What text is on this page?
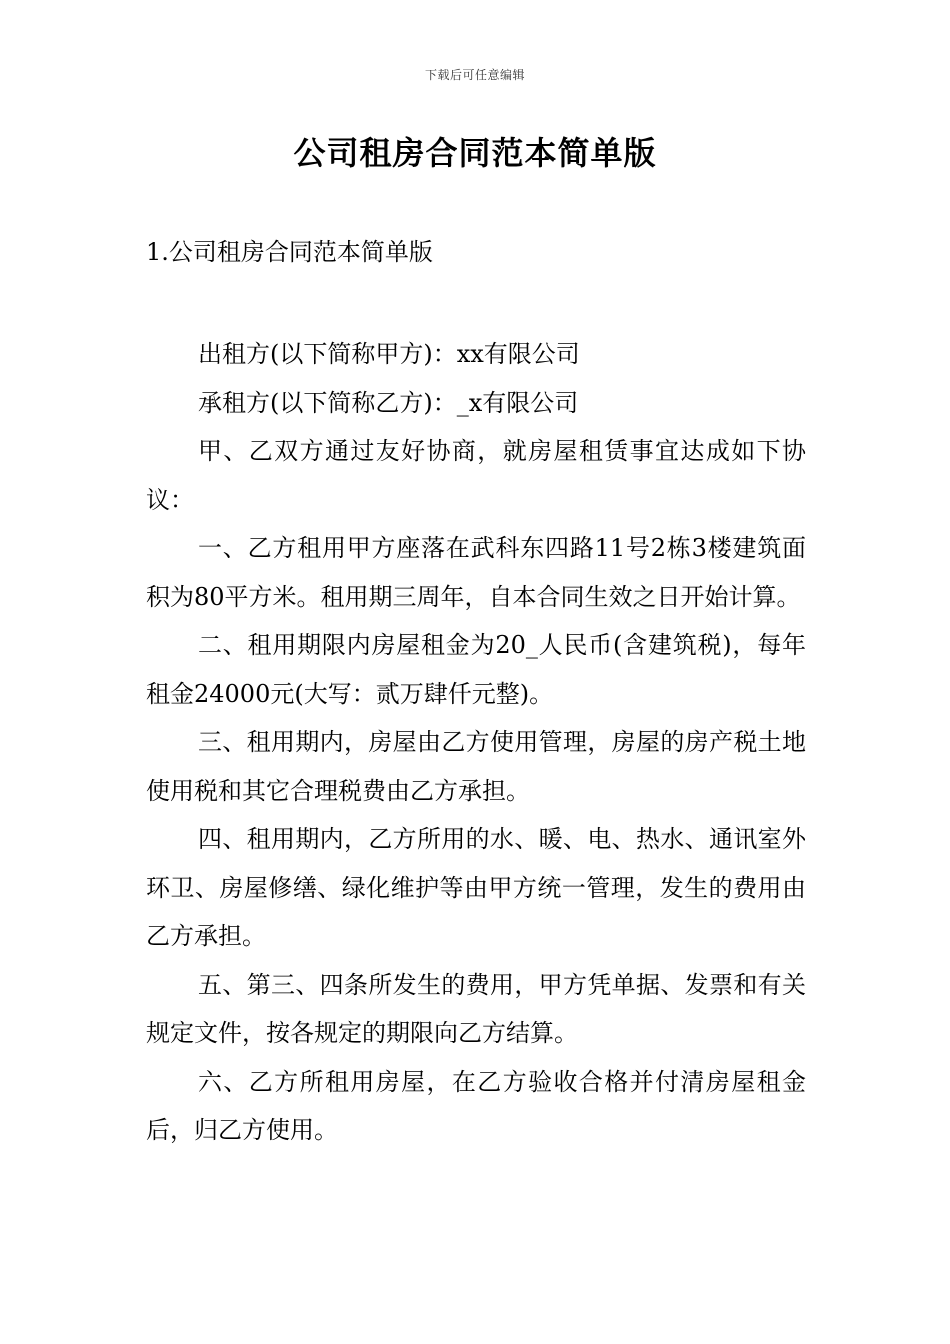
下载后可任意编辑
公司租房合同范本简单版
1.公司租房合同范本简单版

出租方(以下简称甲方)：xx有限公司

承租方(以下简称乙方)：_x有限公司

甲、乙双方通过友好协商，就房屋租赁事宜达成如下协议：

一、乙方租用甲方座落在武科东四路11号2栋3楼建筑面积为80平方米。租用期三周年，自本合同生效之日开始计算。

二、租用期限内房屋租金为20_人民币(含建筑税)，每年租金24000元(大写：贰万肆仟元整)。

三、租用期内，房屋由乙方使用管理，房屋的房产税土地使用税和其它合理税费由乙方承担。

四、租用期内，乙方所用的水、暖、电、热水、通讯室外环卫、房屋修缮、绿化维护等由甲方统一管理，发生的费用由乙方承担。

五、第三、四条所发生的费用，甲方凭单据、发票和有关规定文件，按各规定的期限向乙方结算。

六、乙方所租用房屋，在乙方验收合格并付清房屋租金后，归乙方使用。
